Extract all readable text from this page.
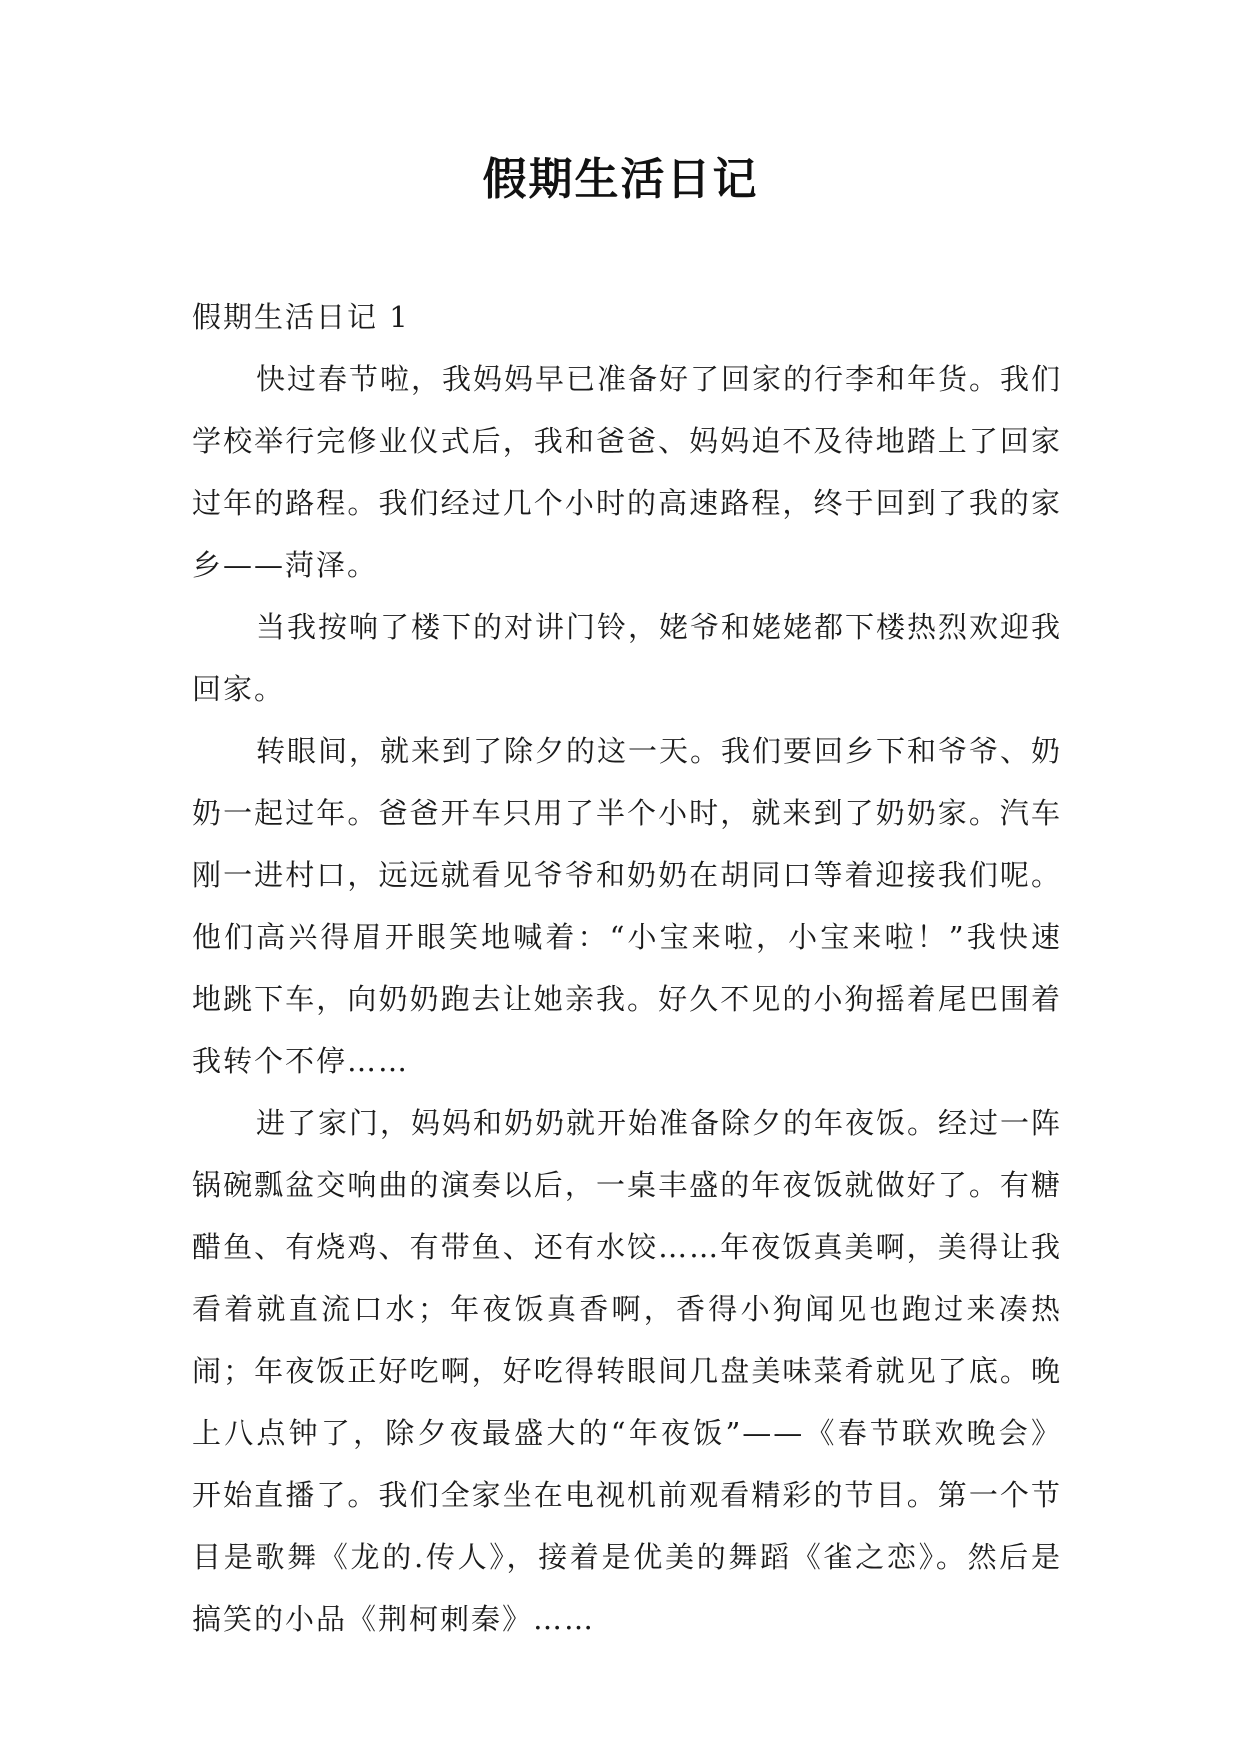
假期生活日记

假期生活日记 1

快过春节啦，我妈妈早已准备好了回家的行李和年货。我们学校举行完修业仪式后，我和爸爸、妈妈迫不及待地踏上了回家过年的路程。我们经过几个小时的高速路程，终于回到了我的家乡——菏泽。

当我按响了楼下的对讲门铃，姥爷和姥姥都下楼热烈欢迎我回家。

转眼间，就来到了除夕的这一天。我们要回乡下和爷爷、奶奶一起过年。爸爸开车只用了半个小时，就来到了奶奶家。汽车刚一进村口，远远就看见爷爷和奶奶在胡同口等着迎接我们呢。他们高兴得眉开眼笑地喊着：“小宝来啦，小宝来啦！”我快速地跳下车，向奶奶跑去让她亲我。好久不见的小狗摇着尾巴围着我转个不停……

进了家门，妈妈和奶奶就开始准备除夕的年夜饭。经过一阵锅碗瓢盆交响曲的演奏以后，一桌丰盛的年夜饭就做好了。有糖醋鱼、有烧鸡、有带鱼、还有水饺……年夜饭真美啊，美得让我看着就直流口水；年夜饭真香啊，香得小狗闻见也跑过来凑热闹；年夜饭正好吃啊，好吃得转眼间几盘美味菜肴就见了底。晚上八点钟了，除夕夜最盛大的“年夜饭”——《春节联欢晚会》开始直播了。我们全家坐在电视机前观看精彩的节目。第一个节目是歌舞《龙的.传人》，接着是优美的舞蹈《雀之恋》。然后是搞笑的小品《荆柯刺秦》……
